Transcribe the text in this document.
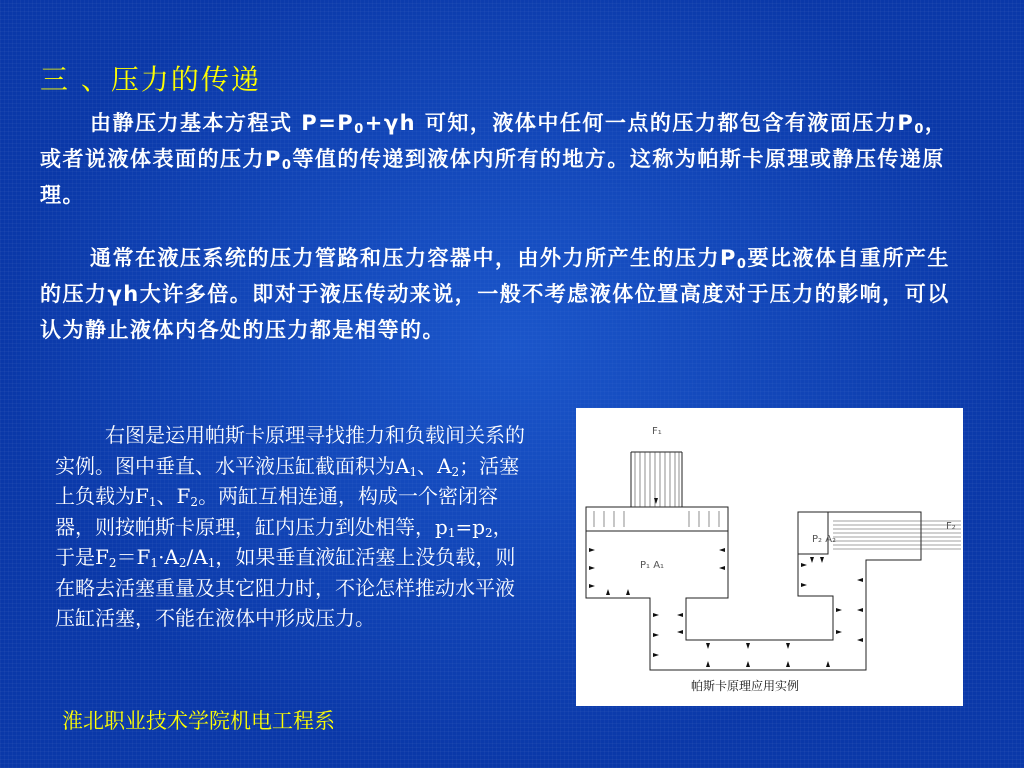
三 、压力的传递

由静压力基本方程式 $P=P_0+\gamma h$ 可知，液体中任何一点的压力都包含有液面压力$P_0$，或者说液体表面的压力$P_0$等值的传递到液体内所有的地方。这称为帕斯卡原理或静压传递原理。

通常在液压系统的压力管路和压力容器中，由外力所产生的压力$P_0$要比液体自重所产生的压力γh大许多倍。即对于液压传动来说，一般不考虑液体位置高度对于压力的影响，可以认为静止液体内各处的压力都是相等的。

右图是运用帕斯卡原理寻找推力和负载间关系的实例。图中垂直、水平液压缸截面积为$A_1$、$A_2$；活塞上负载为$F_1$、$F_2$。两缸互相连通，构成一个密闭容器，则按帕斯卡原理，缸内压力到处相等，$p_1=p_2$，于是$F_2=F_1\cdot A_2/A_1$，如果垂直液缸活塞上没负载，则在略去活塞重量及其它阻力时，不论怎样推动水平液压缸活塞，不能在液体中形成压力。

F₁
F₂
P₁ A₁
P₂ A₂
帕斯卡原理应用实例
淮北职业技术学院机电工程系
